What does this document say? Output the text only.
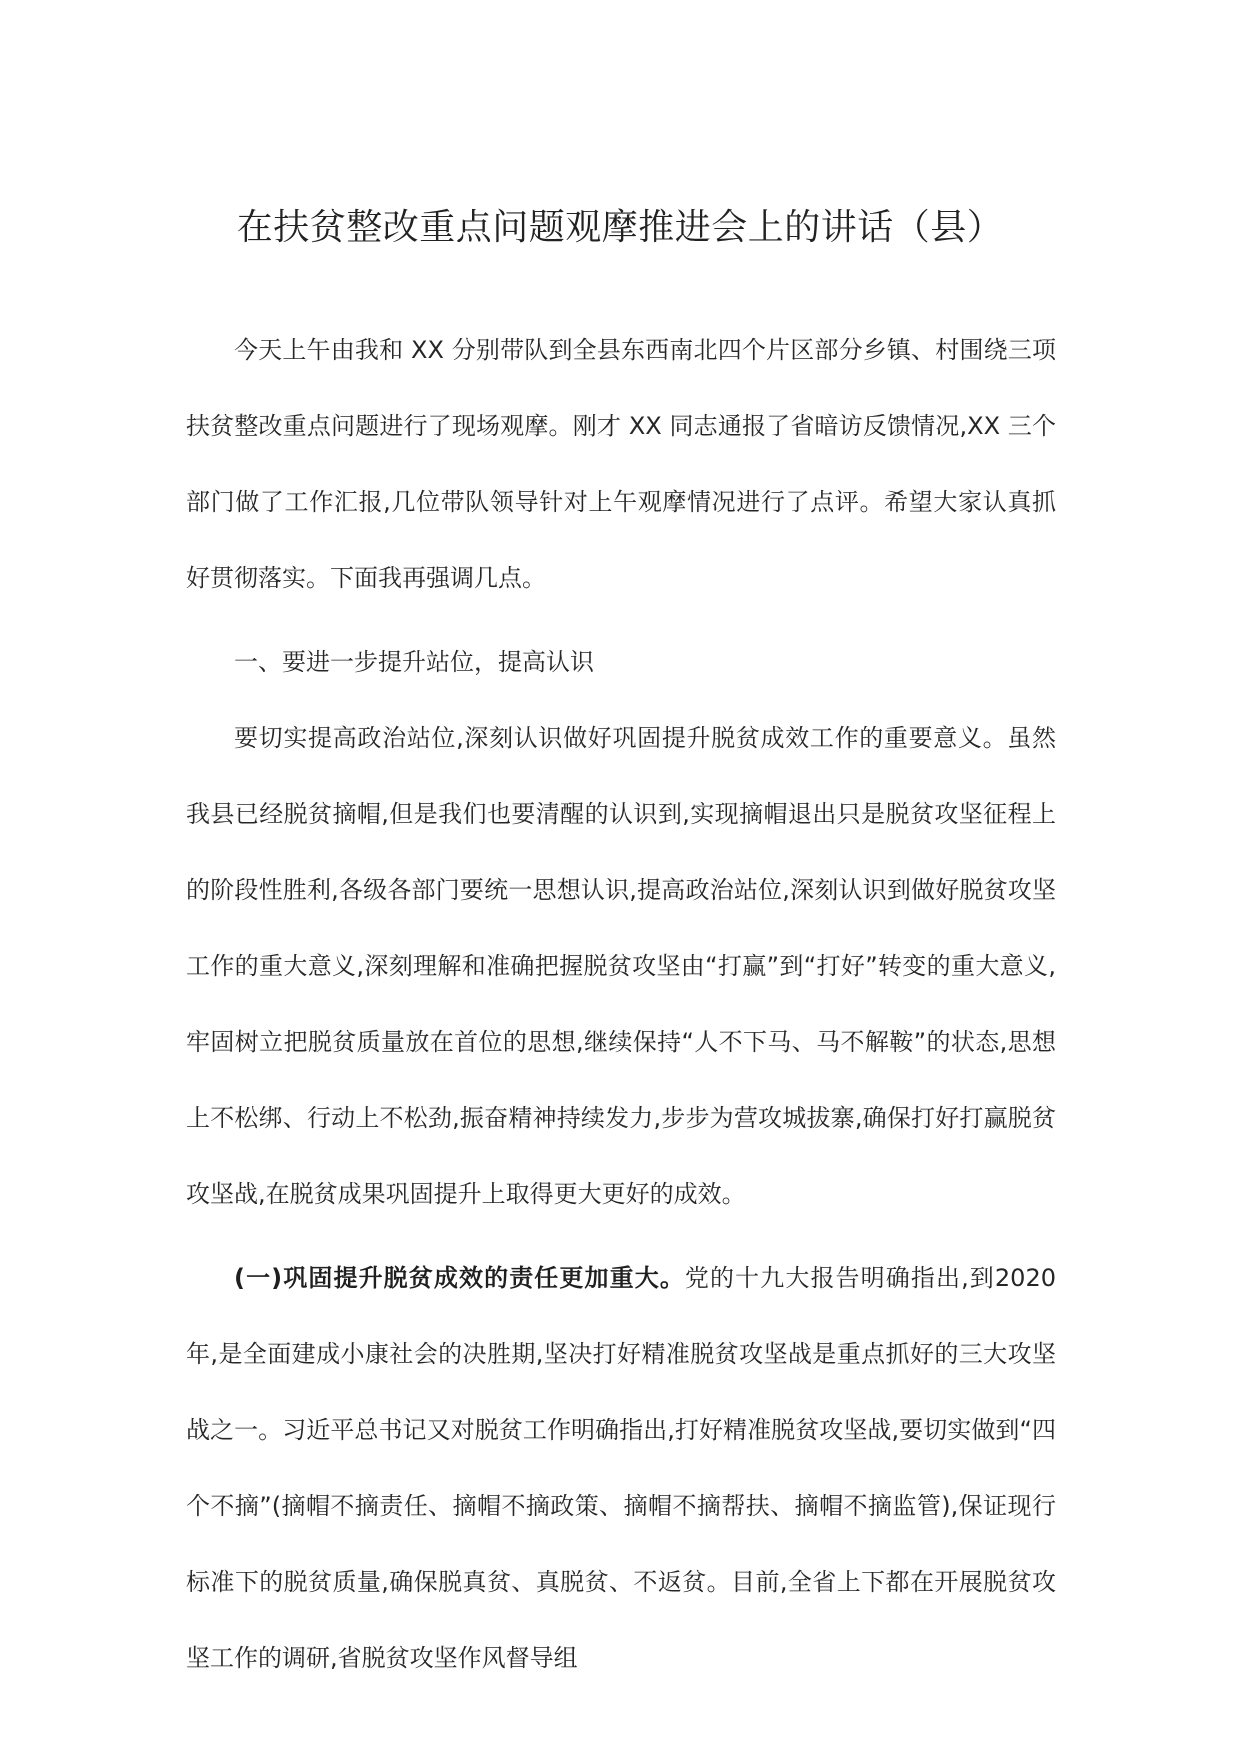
在扶贫整改重点问题观摩推进会上的讲话（县）

今天上午由我和 XX 分别带队到全县东西南北四个片区部分乡镇、村围绕三项扶贫整改重点问题进行了现场观摩。刚才 XX 同志通报了省暗访反馈情况,XX 三个部门做了工作汇报,几位带队领导针对上午观摩情况进行了点评。希望大家认真抓好贯彻落实。下面我再强调几点。

一、要进一步提升站位，提高认识

要切实提高政治站位,深刻认识做好巩固提升脱贫成效工作的重要意义。虽然我县已经脱贫摘帽,但是我们也要清醒的认识到,实现摘帽退出只是脱贫攻坚征程上的阶段性胜利,各级各部门要统一思想认识,提高政治站位,深刻认识到做好脱贫攻坚工作的重大意义,深刻理解和准确把握脱贫攻坚由“打赢”到“打好”转变的重大意义,牢固树立把脱贫质量放在首位的思想,继续保持“人不下马、马不解鞍”的状态,思想上不松绑、行动上不松劲,振奋精神持续发力,步步为营攻城拔寨,确保打好打赢脱贫攻坚战,在脱贫成果巩固提升上取得更大更好的成效。

(一)巩固提升脱贫成效的责任更加重大。党的十九大报告明确指出,到2020 年,是全面建成小康社会的决胜期,坚决打好精准脱贫攻坚战是重点抓好的三大攻坚战之一。习近平总书记又对脱贫工作明确指出,打好精准脱贫攻坚战,要切实做到“四个不摘”(摘帽不摘责任、摘帽不摘政策、摘帽不摘帮扶、摘帽不摘监管),保证现行标准下的脱贫质量,确保脱真贫、真脱贫、不返贫。目前,全省上下都在开展脱贫攻坚工作的调研,省脱贫攻坚作风督导组
